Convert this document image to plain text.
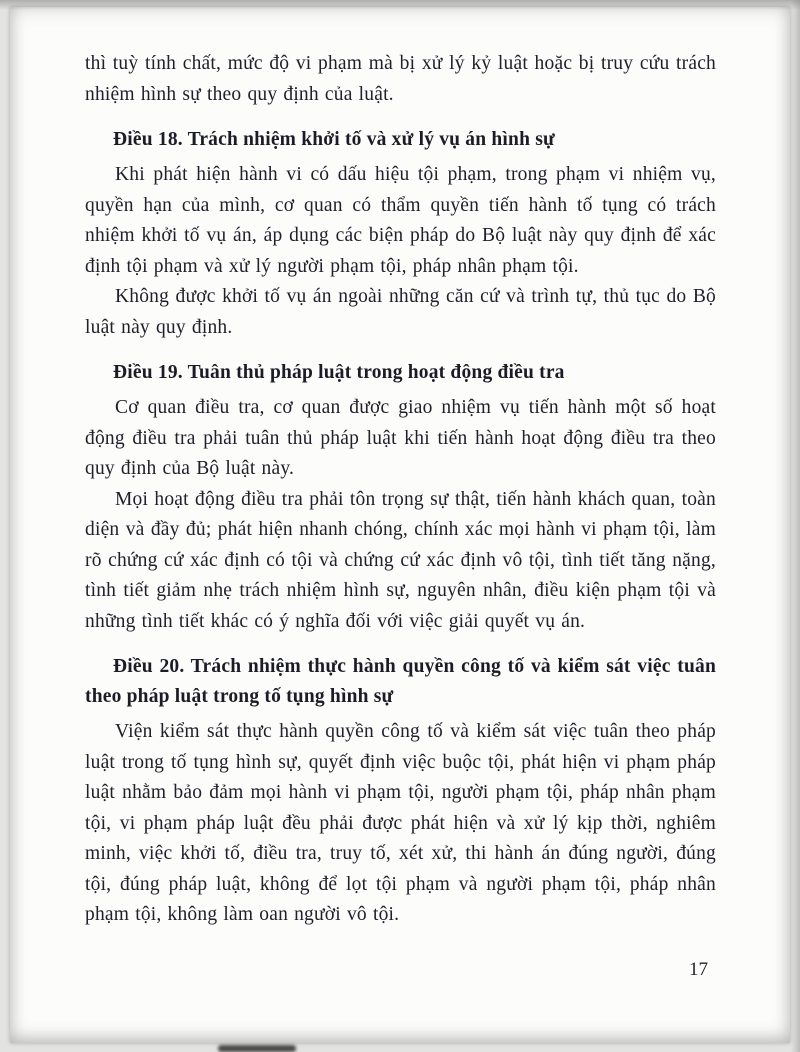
thì tuỳ tính chất, mức độ vi phạm mà bị xử lý kỷ luật hoặc bị truy cứu trách nhiệm hình sự theo quy định của luật.

Điều 18. Trách nhiệm khởi tố và xử lý vụ án hình sự

Khi phát hiện hành vi có dấu hiệu tội phạm, trong phạm vi nhiệm vụ, quyền hạn của mình, cơ quan có thẩm quyền tiến hành tố tụng có trách nhiệm khởi tố vụ án, áp dụng các biện pháp do Bộ luật này quy định để xác định tội phạm và xử lý người phạm tội, pháp nhân phạm tội.

Không được khởi tố vụ án ngoài những căn cứ và trình tự, thủ tục do Bộ luật này quy định.

Điều 19. Tuân thủ pháp luật trong hoạt động điều tra

Cơ quan điều tra, cơ quan được giao nhiệm vụ tiến hành một số hoạt động điều tra phải tuân thủ pháp luật khi tiến hành hoạt động điều tra theo quy định của Bộ luật này.

Mọi hoạt động điều tra phải tôn trọng sự thật, tiến hành khách quan, toàn diện và đầy đủ; phát hiện nhanh chóng, chính xác mọi hành vi phạm tội, làm rõ chứng cứ xác định có tội và chứng cứ xác định vô tội, tình tiết tăng nặng, tình tiết giảm nhẹ trách nhiệm hình sự, nguyên nhân, điều kiện phạm tội và những tình tiết khác có ý nghĩa đối với việc giải quyết vụ án.

Điều 20. Trách nhiệm thực hành quyền công tố và kiểm sát việc tuân theo pháp luật trong tố tụng hình sự

Viện kiểm sát thực hành quyền công tố và kiểm sát việc tuân theo pháp luật trong tố tụng hình sự, quyết định việc buộc tội, phát hiện vi phạm pháp luật nhằm bảo đảm mọi hành vi phạm tội, người phạm tội, pháp nhân phạm tội, vi phạm pháp luật đều phải được phát hiện và xử lý kịp thời, nghiêm minh, việc khởi tố, điều tra, truy tố, xét xử, thi hành án đúng người, đúng tội, đúng pháp luật, không để lọt tội phạm và người phạm tội, pháp nhân phạm tội, không làm oan người vô tội.

17
